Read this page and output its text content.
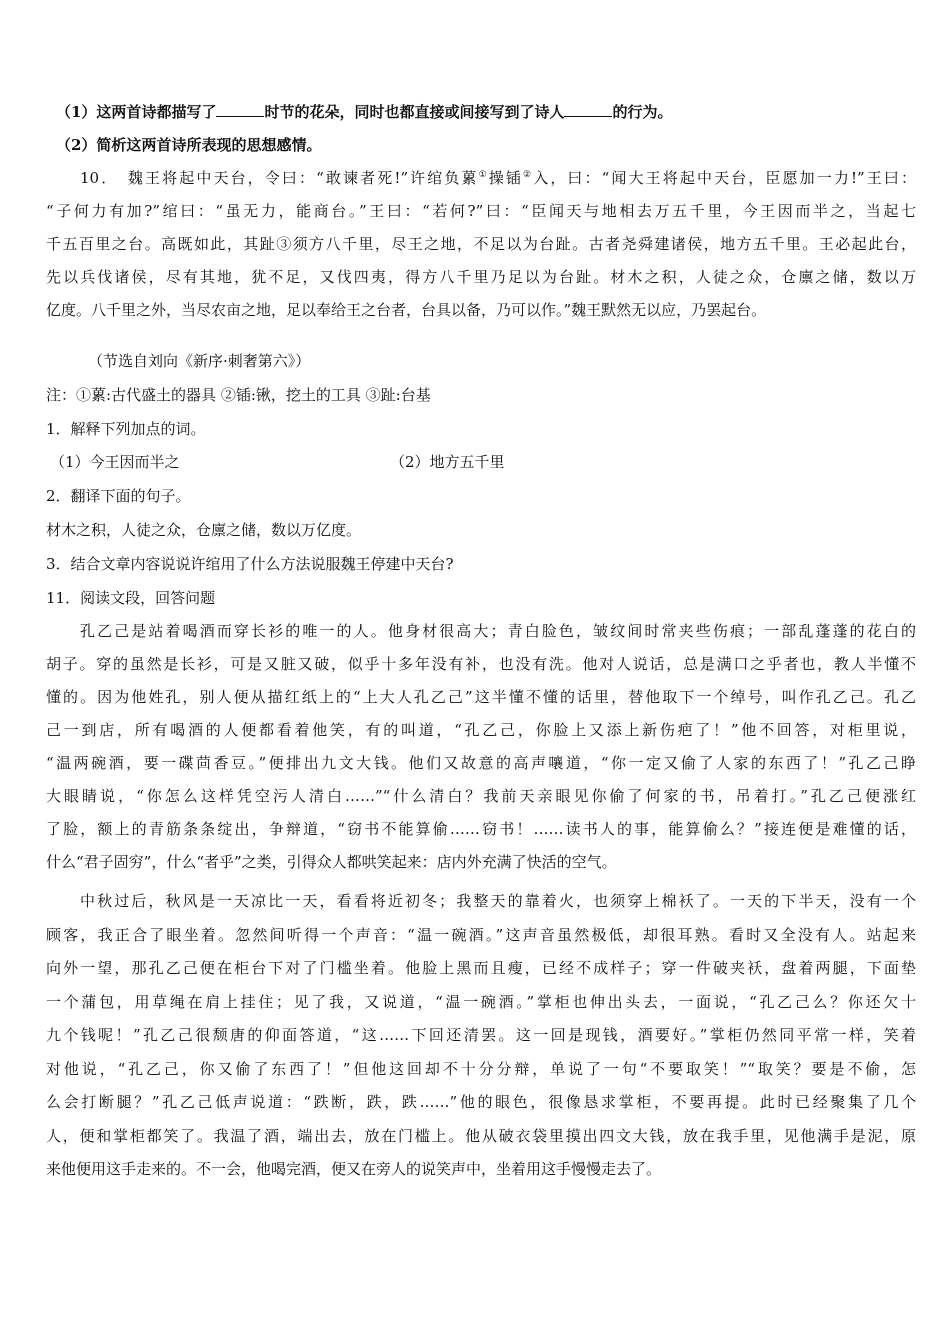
（1）这两首诗都描写了	时节的花朵，同时也都直接或间接写到了诗人	的行为。

（2）简析这两首诗所表现的思想感情。

10．　魏王将起中天台，令曰：“敢谏者死!”许绾负蔂①操锸②入，曰：“闻大王将起中天台，臣愿加一力!”王曰：

“子何力有加?”绾曰：“虽无力，能商台。”王曰：“若何?”曰：“臣闻天与地相去万五千里，今王因而半之，当起七

千五百里之台。高既如此，其趾③须方八千里，尽王之地，不足以为台趾。古者尧舜建诸侯，地方五千里。王必起此台，

先以兵伐诸侯，尽有其地，犹不足，又伐四夷，得方八千里乃足以为台趾。材木之积，人徒之众，仓廪之储，数以万

亿度。八千里之外，当尽农亩之地，足以奉给王之台者，台具以备，乃可以作。”魏王默然无以应，乃罢起台。

（节选自刘向《新序·刺奢第六》）

注：①蔂:古代盛土的器具 ②锸:锹，挖土的工具 ③趾:台基

1．解释下列加点的词。

（1）今王因而半之	（2）地方五千里

2．翻译下面的句子。

材木之积，人徒之众，仓廪之储，数以万亿度。

3．结合文章内容说说许绾用了什么方法说服魏王停建中天台?

11．阅读文段，回答问题

孔乙己是站着喝酒而穿长衫的唯一的人。他身材很高大；青白脸色，皱纹间时常夹些伤痕；一部乱蓬蓬的花白的

胡子。穿的虽然是长衫，可是又脏又破，似乎十多年没有补，也没有洗。他对人说话，总是满口之乎者也，教人半懂不

懂的。因为他姓孔，别人便从描红纸上的“上大人孔乙己”这半懂不懂的话里，替他取下一个绰号，叫作孔乙己。孔乙

己一到店，所有喝酒的人便都看着他笑，有的叫道，“孔乙己，你脸上又添上新伤疤了！”他不回答，对柜里说，

“温两碗酒，要一碟茴香豆。”便排出九文大钱。他们又故意的高声嚷道，“你一定又偷了人家的东西了！”孔乙己睁

大眼睛说，“你怎么这样凭空污人清白……”“什么清白？我前天亲眼见你偷了何家的书，吊着打。”孔乙己便涨红

了脸，额上的青筋条条绽出，争辩道，“窃书不能算偷……窃书！……读书人的事，能算偷么？”接连便是难懂的话，

什么“君子固穷”，什么“者乎”之类，引得众人都哄笑起来：店内外充满了快活的空气。

中秋过后，秋风是一天凉比一天，看看将近初冬；我整天的靠着火，也须穿上棉袄了。一天的下半天，没有一个

顾客，我正合了眼坐着。忽然间听得一个声音：“温一碗酒。”这声音虽然极低，却很耳熟。看时又全没有人。站起来

向外一望，那孔乙己便在柜台下对了门槛坐着。他脸上黑而且瘦，已经不成样子；穿一件破夹袄，盘着两腿，下面垫

一个蒲包，用草绳在肩上挂住；见了我，又说道，“温一碗酒。”掌柜也伸出头去，一面说，“孔乙己么？你还欠十

九个钱呢！”孔乙己很颓唐的仰面答道，“这……下回还清罢。这一回是现钱，酒要好。”掌柜仍然同平常一样，笑着

对他说，“孔乙己，你又偷了东西了！”但他这回却不十分分辩，单说了一句“不要取笑！”“取笑？要是不偷，怎

么会打断腿？”孔乙己低声说道：“跌断，跌，跌……”他的眼色，很像恳求掌柜，不要再提。此时已经聚集了几个

人，便和掌柜都笑了。我温了酒，端出去，放在门槛上。他从破衣袋里摸出四文大钱，放在我手里，见他满手是泥，原

来他便用这手走来的。不一会，他喝完酒，便又在旁人的说笑声中，坐着用这手慢慢走去了。
